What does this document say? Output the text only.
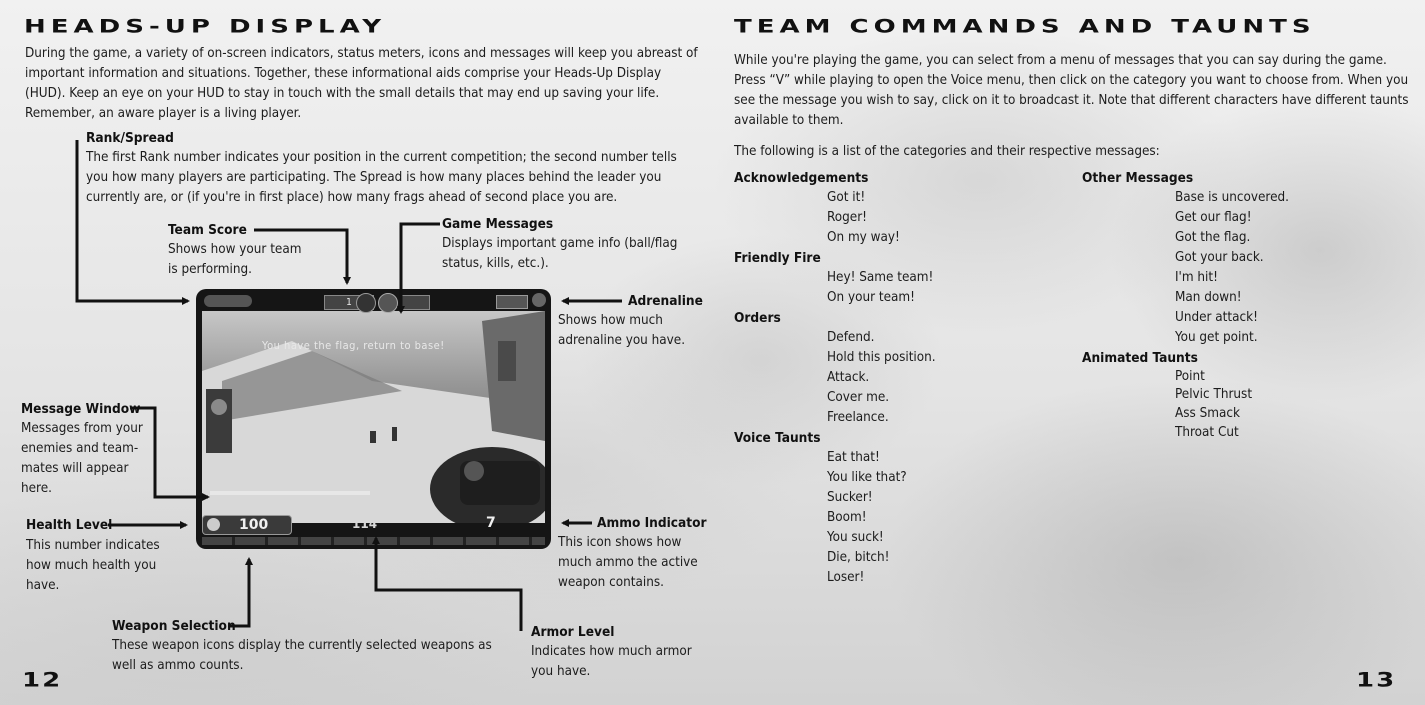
HEADS-UP DISPLAY
During the game, a variety of on-screen indicators, status meters, icons and messages will keep you abreast of important information and situations. Together, these informational aids comprise your Heads-Up Display (HUD). Keep an eye on your HUD to stay in touch with the small details that may end up saving your life. Remember, an aware player is a living player.
Rank/Spread
The first Rank number indicates your position in the current competition; the second number tells you how many players are participating. The Spread is how many places behind the leader you currently are, or (if you're in first place) how many frags ahead of second place you are.
Team Score
Shows how your team is performing.
Game Messages
Displays important game info (ball/flag status, kills, etc.).
Adrenaline
Shows how much adrenaline you have.
Message Window
Messages from your enemies and team-mates will appear here.
Health Level
This number indicates how much health you have.
Ammo Indicator
This icon shows how much ammo the active weapon contains.
Weapon Selection
These weapon icons display the currently selected weapons as well as ammo counts.
Armor Level
Indicates how much armor you have.
You have the flag, return to base!
1
100	114	7
12
TEAM COMMANDS AND TAUNTS
While you're playing the game, you can select from a menu of messages that you can say during the game. Press “V” while playing to open the Voice menu, then click on the category you want to choose from. When you see the message you wish to say, click on it to broadcast it. Note that different characters have different taunts available to them.
The following is a list of the categories and their respective messages:
Acknowledgements
Got it!
Roger!
On my way!
Friendly Fire
Hey! Same team!
On your team!
Orders
Defend.
Hold this position.
Attack.
Cover me.
Freelance.
Voice Taunts
Eat that!
You like that?
Sucker!
Boom!
You suck!
Die, bitch!
Loser!
Other Messages
Base is uncovered.
Get our flag!
Got the flag.
Got your back.
I'm hit!
Man down!
Under attack!
You get point.
Animated Taunts
Point
Pelvic Thrust
Ass Smack
Throat Cut
13
